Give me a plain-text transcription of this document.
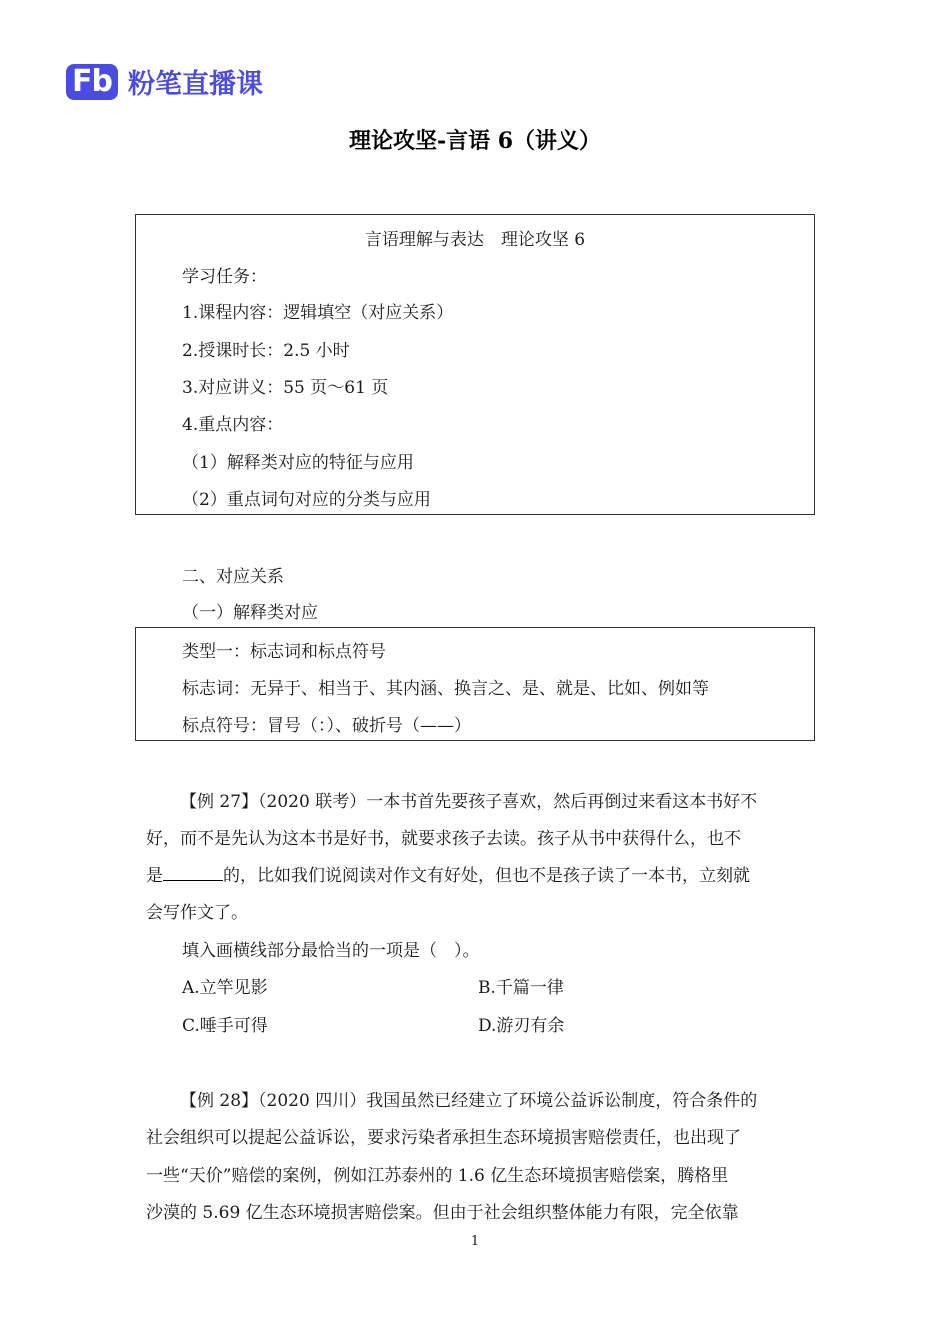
Fb 粉笔直播课
理论攻坚-言语 6（讲义）
言语理解与表达　理论攻坚 6
学习任务：
1.课程内容：逻辑填空（对应关系）
2.授课时长：2.5 小时
3.对应讲义：55 页～61 页
4.重点内容：
（1）解释类对应的特征与应用
（2）重点词句对应的分类与应用
二、对应关系
（一）解释类对应
类型一：标志词和标点符号
标志词：无异于、相当于、其内涵、换言之、是、就是、比如、例如等
标点符号：冒号（：）、破折号（——）
【例 27】（2020 联考）一本书首先要孩子喜欢，然后再倒过来看这本书好不
好，而不是先认为这本书是好书，就要求孩子去读。孩子从书中获得什么，也不
是	的，比如我们说阅读对作文有好处，但也不是孩子读了一本书，立刻就
会写作文了。
填入画横线部分最恰当的一项是（　）。
A.立竿见影	B.千篇一律
C.唾手可得	D.游刃有余
【例 28】（2020 四川）我国虽然已经建立了环境公益诉讼制度，符合条件的
社会组织可以提起公益诉讼，要求污染者承担生态环境损害赔偿责任，也出现了
一些“天价”赔偿的案例，例如江苏泰州的 1.6 亿生态环境损害赔偿案，腾格里
沙漠的 5.69 亿生态环境损害赔偿案。但由于社会组织整体能力有限，完全依靠
1
